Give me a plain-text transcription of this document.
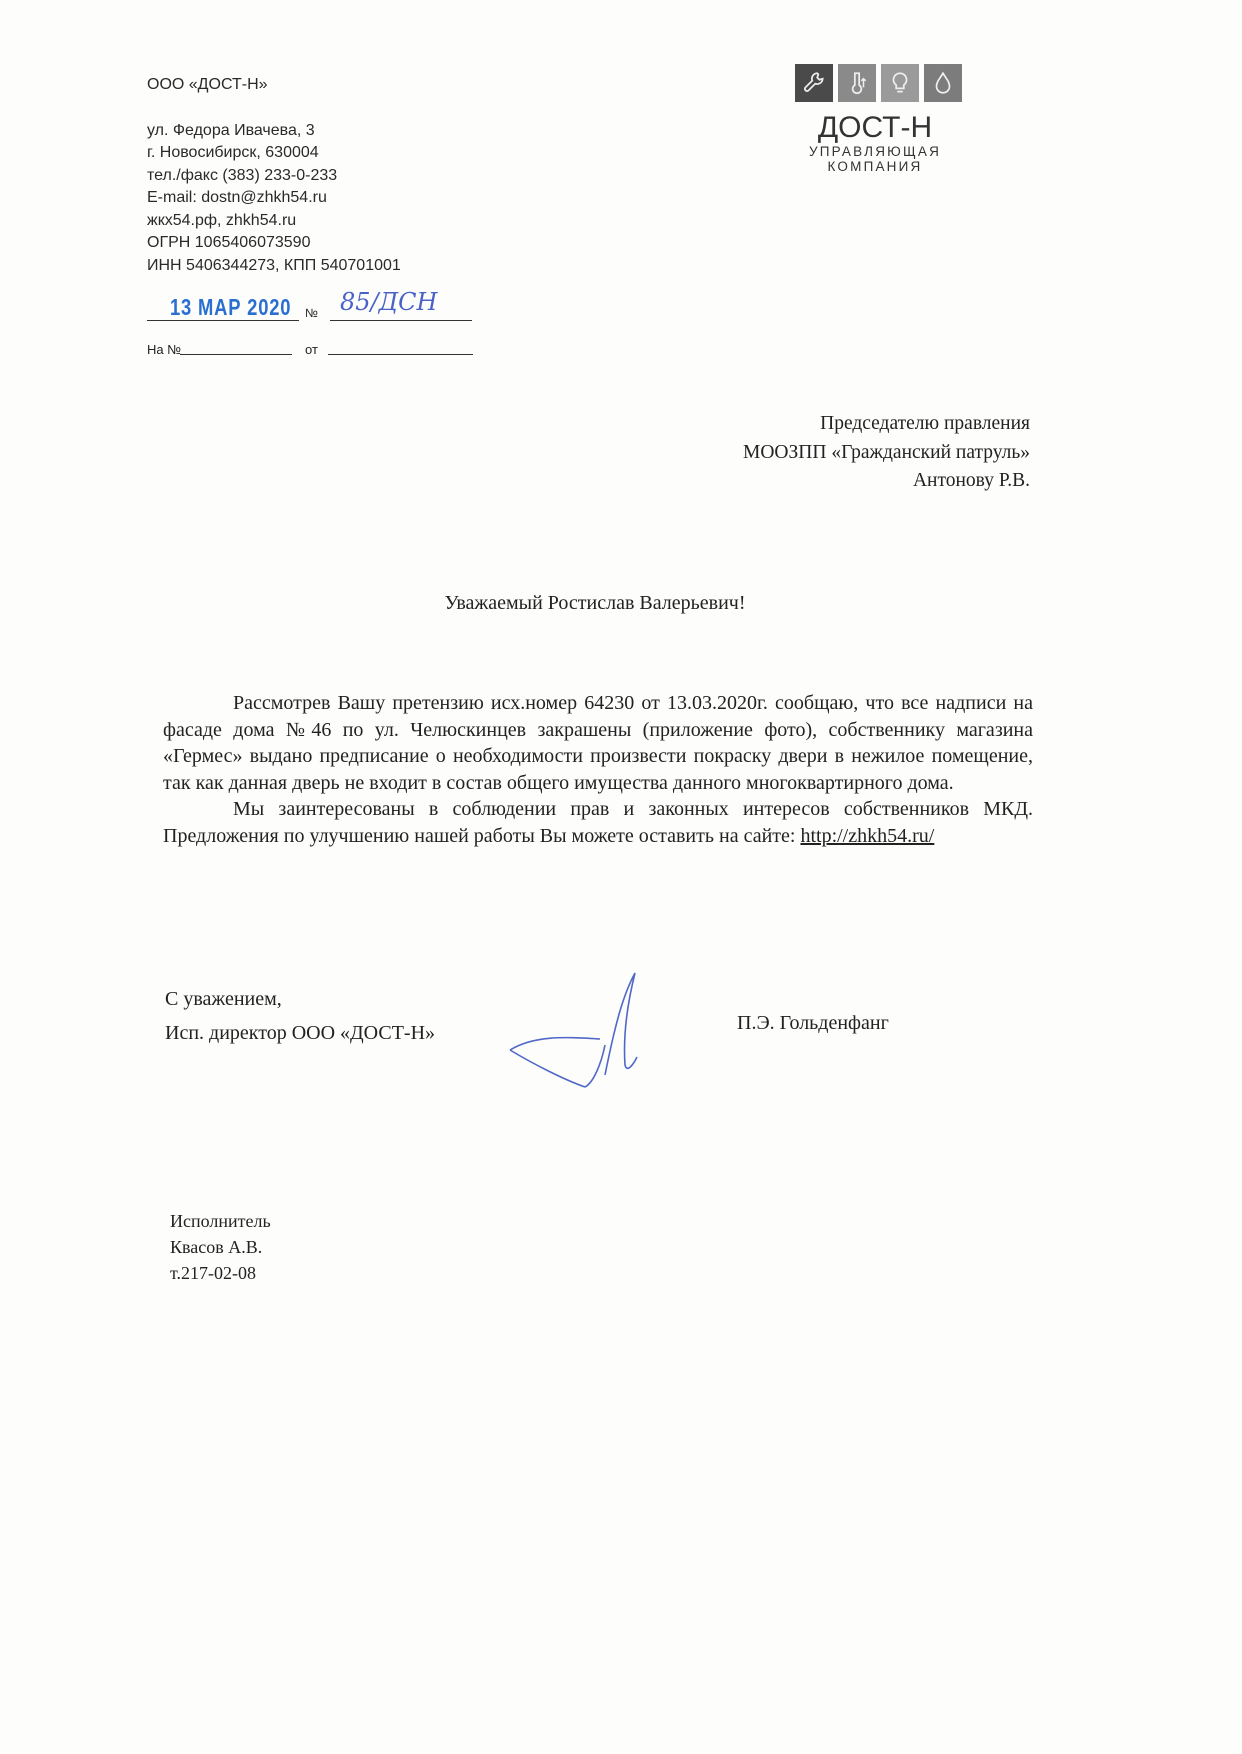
ООО «ДОСТ-Н»
ул. Федора Ивачева, 3
г. Новосибирск, 630004
тел./факс (383) 233-0-233
E-mail: dostn@zhkh54.ru
жкх54.рф, zhkh54.ru
ОГРН 1065406073590
ИНН 5406344273, КПП 540701001
13 МАР 2020 № 85/ДСН
На №	от
ДОСТ-Н
УПРАВЛЯЮЩАЯ КОМПАНИЯ
Председателю правления
МООЗПП «Гражданский патруль»
Антонову Р.В.
Уважаемый Ростислав Валерьевич!

Рассмотрев Вашу претензию исх.номер 64230 от 13.03.2020г. сообщаю, что все надписи на фасаде дома №46 по ул. Челюскинцев закрашены (приложение фото), собственнику магазина «Гермес» выдано предписание о необходимости произвести покраску двери в нежилое помещение, так как данная дверь не входит в состав общего имущества данного многоквартирного дома.

Мы заинтересованы в соблюдении прав и законных интересов собственников МКД. Предложения по улучшению нашей работы Вы можете оставить на сайте: http://zhkh54.ru/

С уважением,
Исп. директор ООО «ДОСТ-Н»	П.Э. Гольденфанг
Исполнитель
Квасов А.В.
т.217-02-08
